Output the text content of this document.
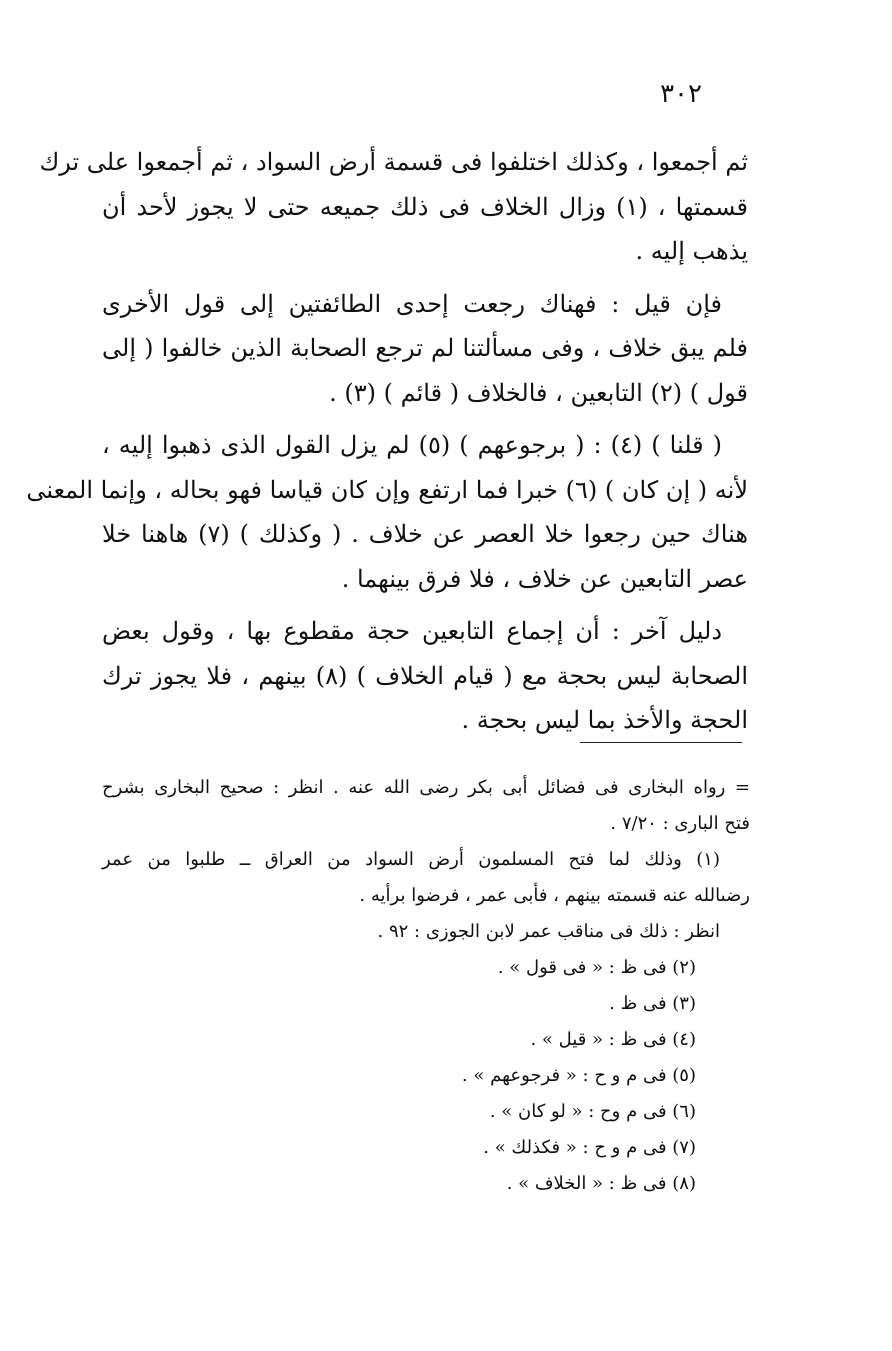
٣٠٢

ثم أجمعوا ، وكذلك اختلفوا فى قسمة أرض السواد ، ثم أجمعوا على ترك
قسمتها ، (١) وزال الخلاف فى ذلك جميعه حتى لا يجوز لأحد أن
يذهب إليه .

فإن قيل : فهناك رجعت إحدى الطائفتين إلى قول الأخرى
فلم يبق خلاف ، وفى مسألتنا لم ترجع الصحابة الذين خالفوا ( إلى
قول ) (٢) التابعين ، فالخلاف ( قائم ) (٣) .

( قلنا ) (٤) : ( برجوعهم ) (٥) لم يزل القول الذى ذهبوا إليه ،
لأنه ( إن كان ) (٦) خبرا فما ارتفع وإن كان قياسا فهو بحاله ، وإنما المعنى
هناك حين رجعوا خلا العصر عن خلاف . ( وكذلك ) (٧) هاهنا خلا
عصر التابعين عن خلاف ، فلا فرق بينهما .

دليل آخر : أن إجماع التابعين حجة مقطوع بها ، وقول بعض
الصحابة ليس بحجة مع ( قيام الخلاف ) (٨) بينهم ، فلا يجوز ترك
الحجة والأخذ بما ليس بحجة .

= رواه البخارى فى فضائل أبى بكر رضى الله عنه . انظر : صحيح البخارى بشرح
فتح البارى : ٧/٢٠ .
(١) وذلك لما فتح المسلمون أرض السواد من العراق ــ طلبوا من عمر
رضىالله عنه قسمته بينهم ، فأبى عمر ، فرضوا برأيه .
انظر : ذلك فى مناقب عمر لابن الجوزى : ٩٢ .
(٢) فى ظ : « فى قول » .
(٣) فى ظ .
(٤) فى ظ : « قيل » .
(٥) فى م و ح : « فرجوعهم » .
(٦) فى م وح : « لو كان » .
(٧) فى م و ح : « فكذلك » .
(٨) فى ظ : « الخلاف » .
